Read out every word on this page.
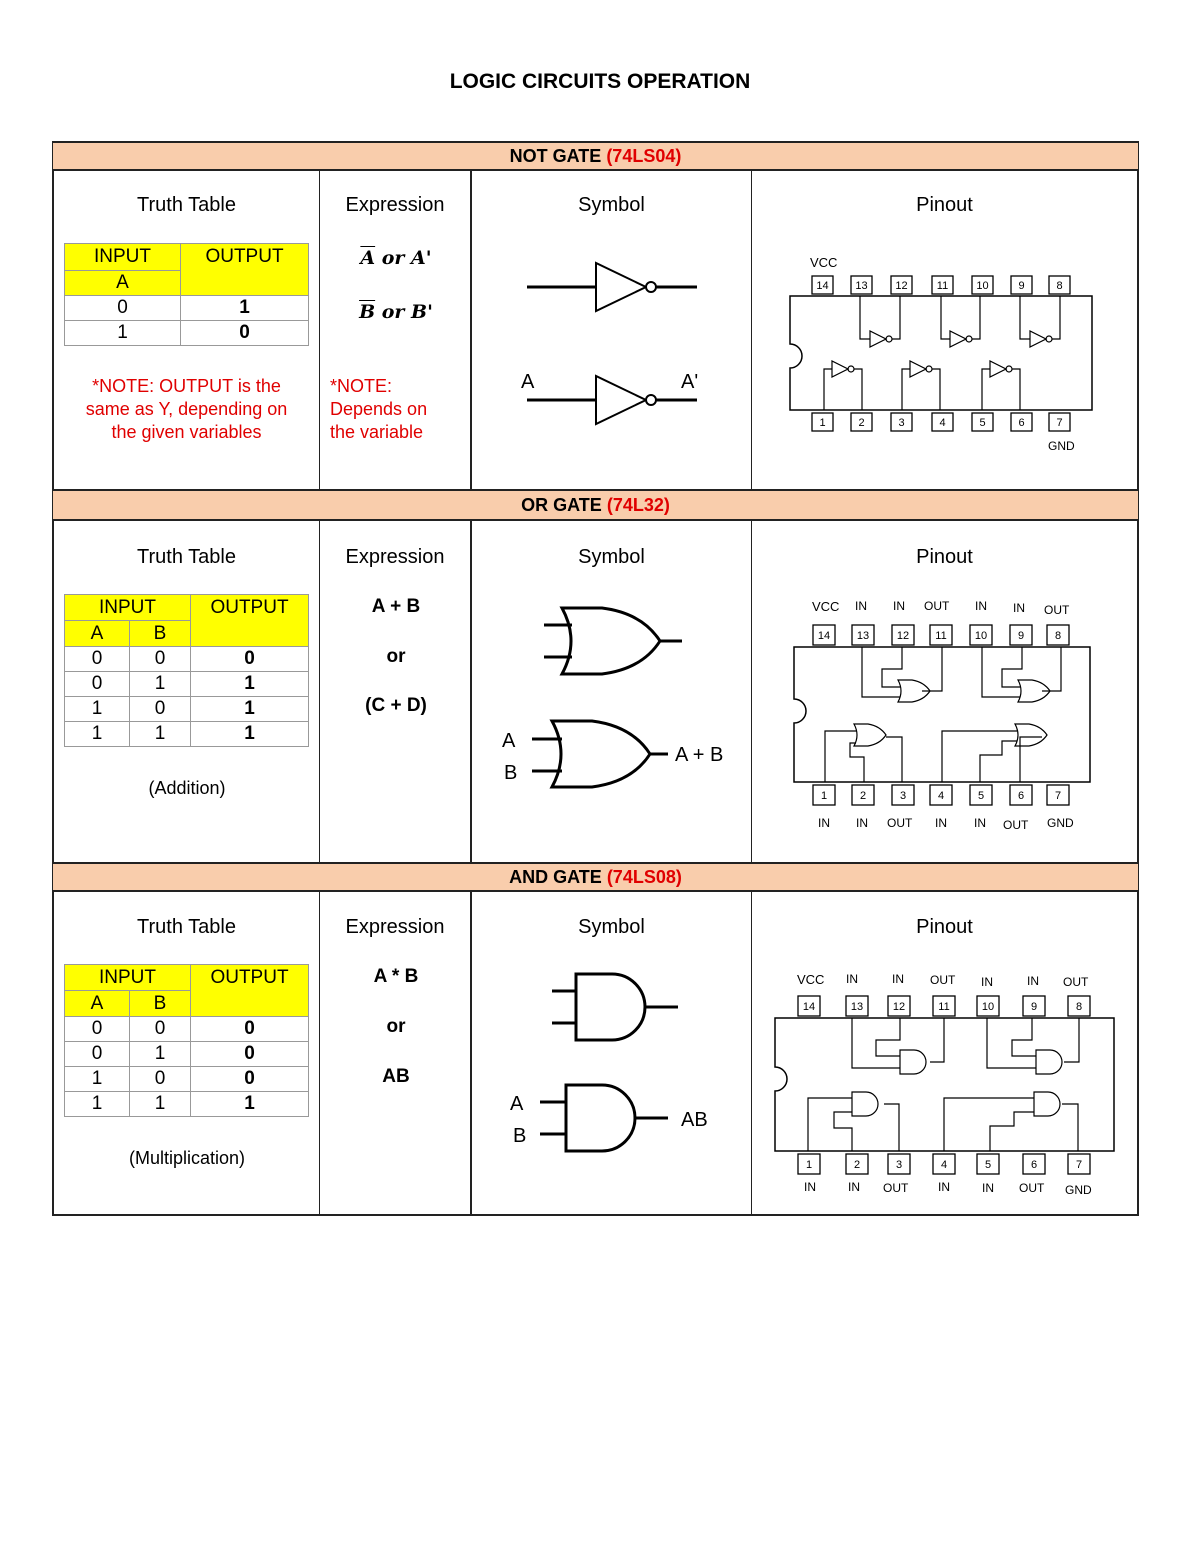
LOGIC CIRCUITS OPERATION
NOT GATE (74LS04)
Truth Table
INPUT	OUTPUT
A	
0	1
1	0
*NOTE: OUTPUT is the
same as Y, depending on
the given variables
Expression
$\overline{A}$ or A'
$\overline{B}$ or B'
*NOTE:
Depends on
the variable
Symbol
A	A'
Pinout
VCC
GND
14 13	12	11	10	9	8
1	2	3	4	5	6	7
OR GATE (74L32)
Truth Table
INPUT		OUTPUT
A	B	
0	0	0
0	1	1
1	0	1
1	1	1
(Addition)
Expression
A + B
or
(C + D)
Symbol
A
B
A + B
Pinout
VCC IN IN OUT IN IN OUT
14 13	12 11	10	9	8
1	2	3	4	5	6	7
IN IN OUT IN IN OUT GND
AND GATE (74LS08)
Truth Table
INPUT		OUTPUT
A	B	
0	0	0
0	1	0
1	0	0
1	1	1
(Multiplication)
Expression
A * B
or
AB
Symbol
A
B
AB
Pinout
VCC IN	IN OUT IN	IN OUT
14	13	12	11	10	9	8
1	2	3	4	5	6	7
IN	IN OUT IN	IN OUT GND
